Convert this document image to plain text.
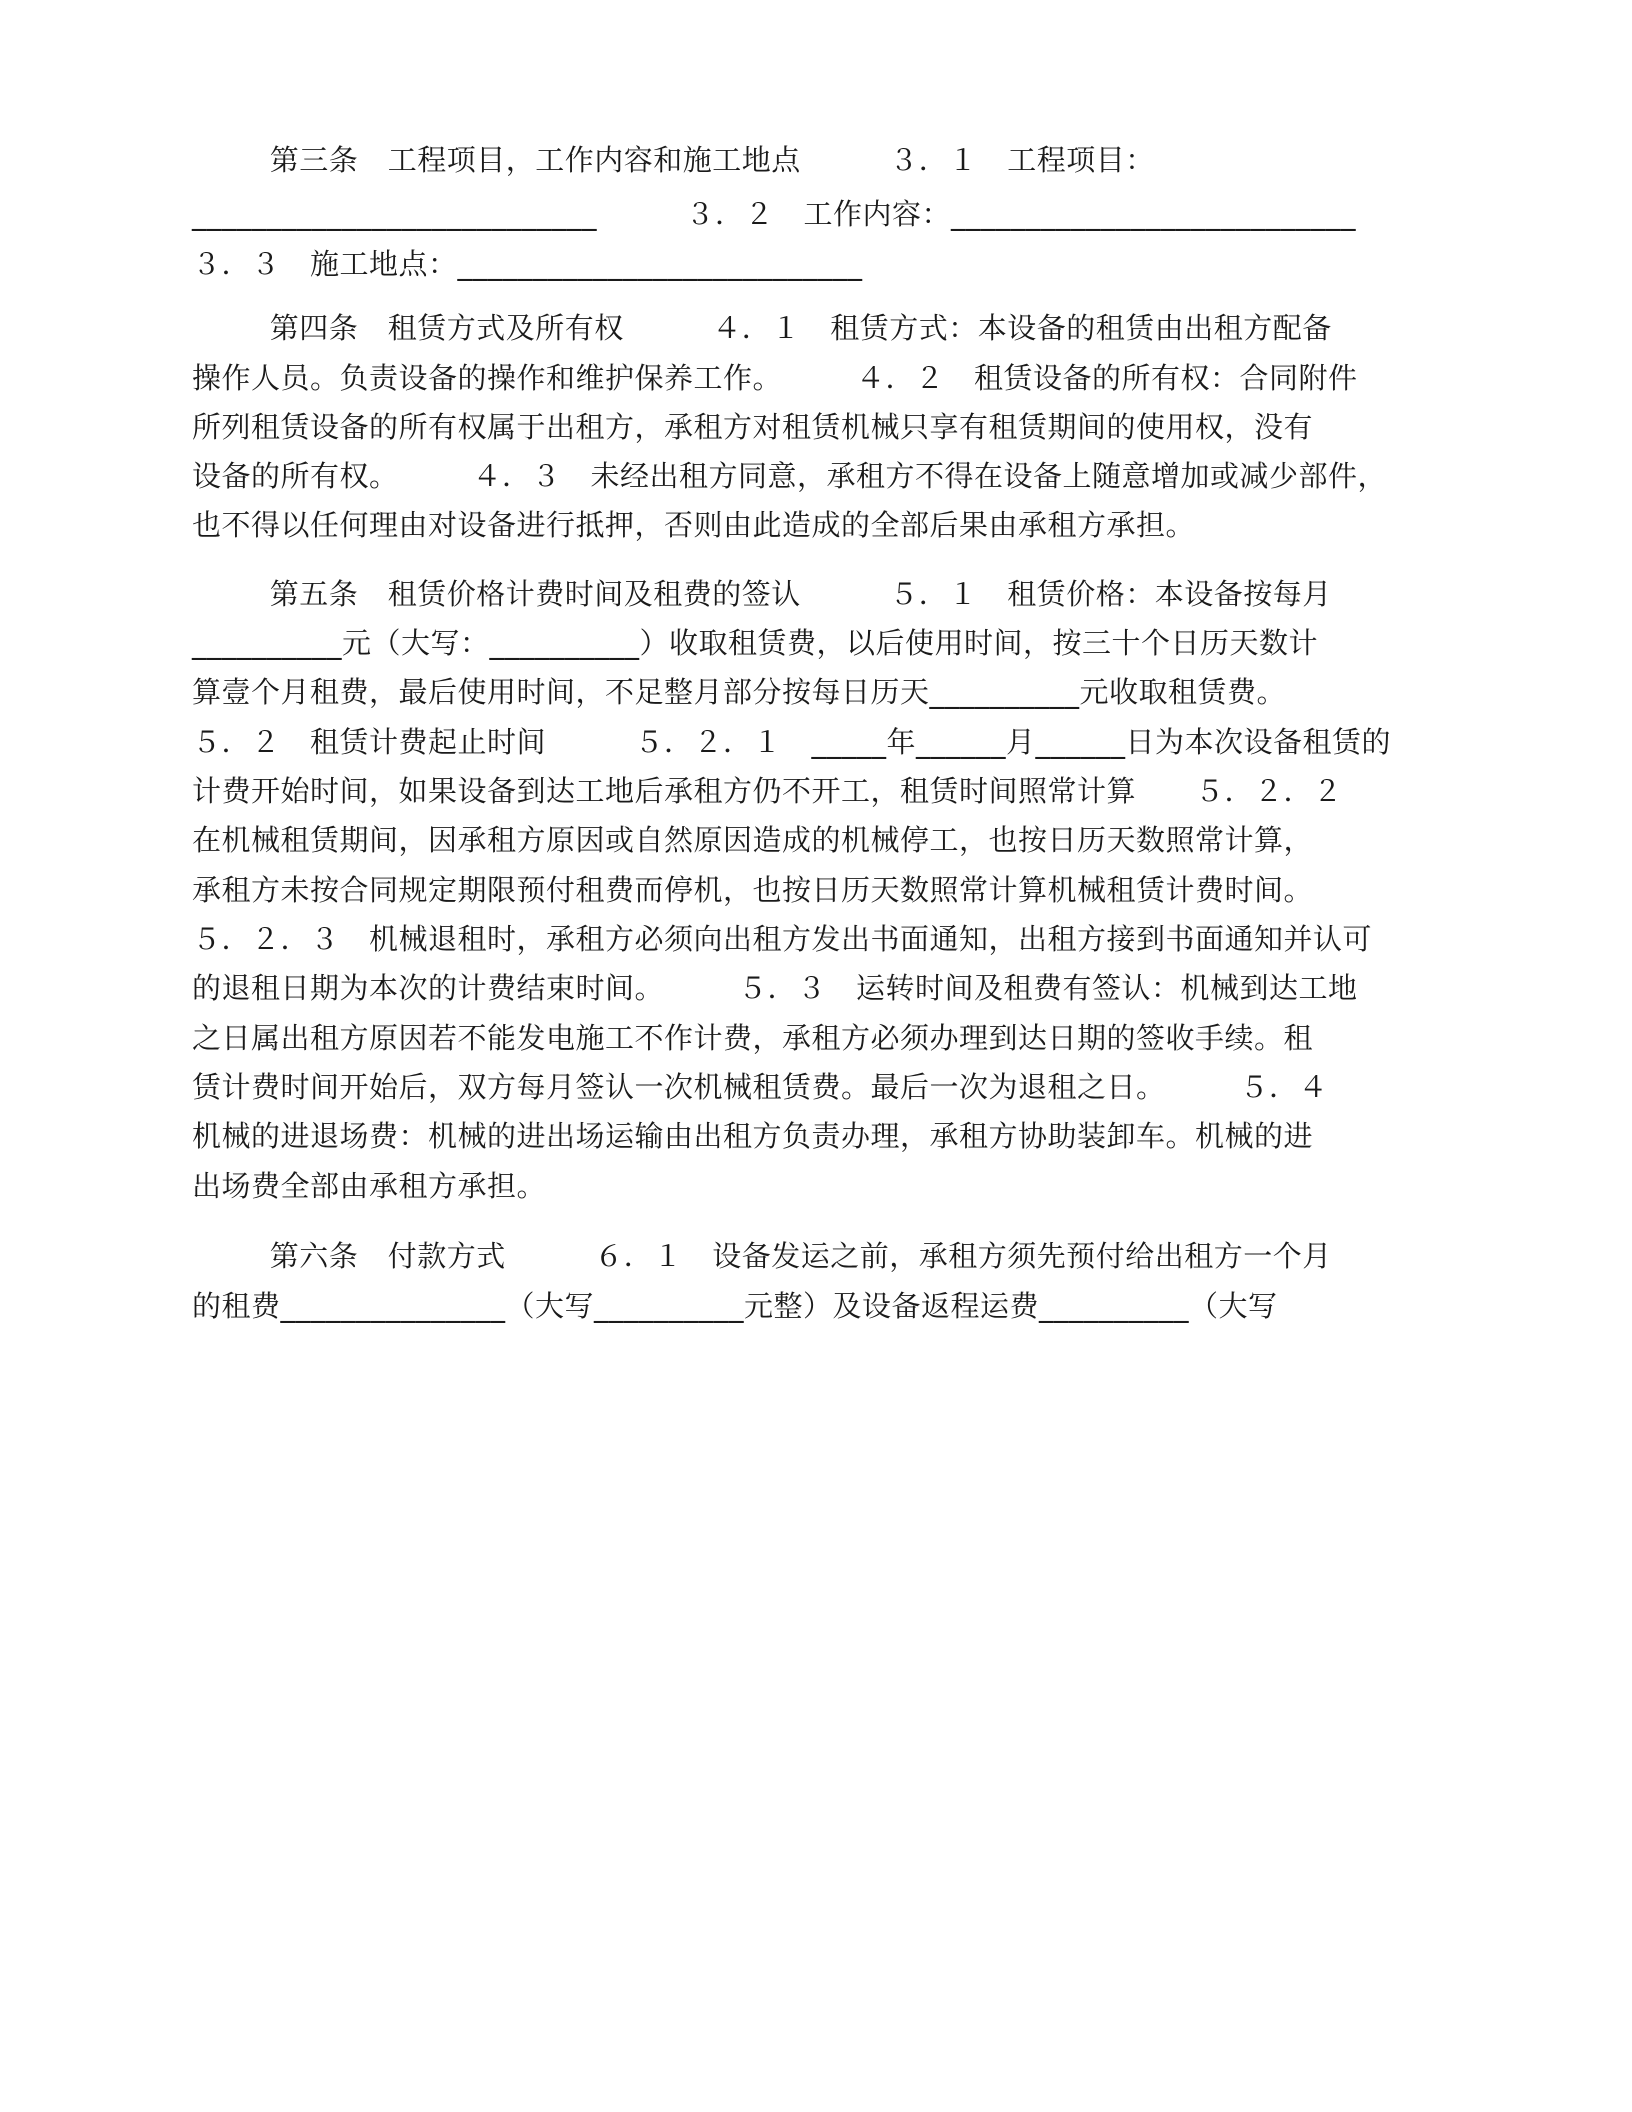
第三条　工程项目，工作内容和施工地点　　　３．１　工程项目：
___________________________　　　３．２　工作内容：___________________________
３．３　施工地点：___________________________
第四条　租赁方式及所有权　　　４．１　租赁方式：本设备的租赁由出租方配备
操作人员。负责设备的操作和维护保养工作。　　　４．２　租赁设备的所有权：合同附件
所列租赁设备的所有权属于出租方，承租方对租赁机械只享有租赁期间的使用权，没有
设备的所有权。　　　４．３　未经出租方同意，承租方不得在设备上随意增加或减少部件，
也不得以任何理由对设备进行抵押，否则由此造成的全部后果由承租方承担。
第五条　租赁价格计费时间及租费的签认　　　５．１　租赁价格：本设备按每月
__________元（大写：__________）收取租赁费，以后使用时间，按三十个日历天数计
算壹个月租费，最后使用时间，不足整月部分按每日历天__________元收取租赁费。
５．２　租赁计费起止时间　　　５．２．１　_____年______月______日为本次设备租赁的
计费开始时间，如果设备到达工地后承租方仍不开工，租赁时间照常计算　　５．２．２
在机械租赁期间，因承租方原因或自然原因造成的机械停工，也按日历天数照常计算，
承租方未按合同规定期限预付租费而停机，也按日历天数照常计算机械租赁计费时间。
５．２．３　机械退租时，承租方必须向出租方发出书面通知，出租方接到书面通知并认可
的退租日期为本次的计费结束时间。　　　５．３　运转时间及租费有签认：机械到达工地
之日属出租方原因若不能发电施工不作计费，承租方必须办理到达日期的签收手续。租
赁计费时间开始后，双方每月签认一次机械租赁费。最后一次为退租之日。　　　５．４
机械的进退场费：机械的进出场运输由出租方负责办理，承租方协助装卸车。机械的进
出场费全部由承租方承担。
第六条　付款方式　　　６．１　设备发运之前，承租方须先预付给出租方一个月
的租费_______________（大写__________元整）及设备返程运费__________（大写
